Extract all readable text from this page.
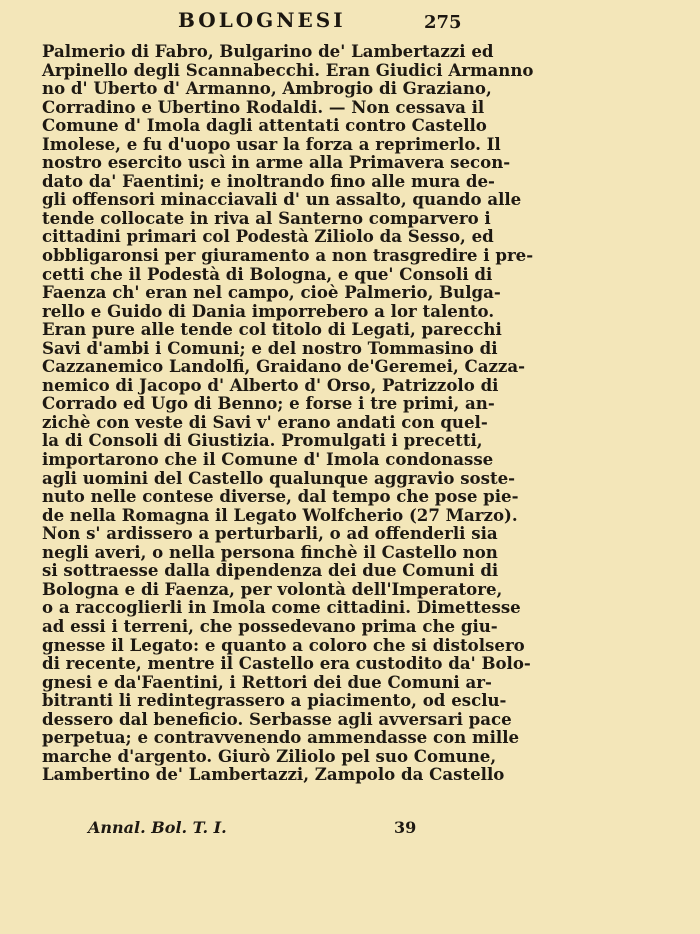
BOLOGNESI	275
Palmerio di Fabro, Bulgarino de' Lambertazzi ed
Arpinello degli Scannabecchi. Eran Giudici Armanno
no d' Uberto d' Armanno, Ambrogio di Graziano,
Corradino e Ubertino Rodaldi. — Non cessava il
Comune d' Imola dagli attentati contro Castello
Imolese, e fu d'uopo usar la forza a reprimerlo. Il
nostro esercito uscì in arme alla Primavera secon-
dato da' Faentini; e inoltrando fino alle mura de-
gli offensori minacciavali d' un assalto, quando alle
tende collocate in riva al Santerno comparvero i
cittadini primari col Podestà Ziliolo da Sesso, ed
obbligaronsi per giuramento a non trasgredire i pre-
cetti che il Podestà di Bologna, e que' Consoli di
Faenza ch' eran nel campo, cioè Palmerio, Bulga-
rello e Guido di Dania imporrebero a lor talento.
Eran pure alle tende col titolo di Legati, parecchi
Savi d'ambi i Comuni; e del nostro Tommasino di
Cazzanemico Landolfi, Graidano de'Geremei, Cazza-
nemico di Jacopo d' Alberto d' Orso, Patrizzolo di
Corrado ed Ugo di Benno; e forse i tre primi, an-
zichè con veste di Savi v' erano andati con quel-
la di Consoli di Giustizia. Promulgati i precetti,
importarono che il Comune d' Imola condonasse
agli uomini del Castello qualunque aggravio soste-
nuto nelle contese diverse, dal tempo che pose pie-
de nella Romagna il Legato Wolfcherio (27 Marzo).
Non s' ardissero a perturbarli, o ad offenderli sia
negli averi, o nella persona finchè il Castello non
si sottraesse dalla dipendenza dei due Comuni di
Bologna e di Faenza, per volontà dell'Imperatore,
o a raccoglierli in Imola come cittadini. Dimettesse
ad essi i terreni, che possedevano prima che giu-
gnesse il Legato: e quanto a coloro che si distolsero
di recente, mentre il Castello era custodito da' Bolo-
gnesi e da'Faentini, i Rettori dei due Comuni ar-
bitranti li redintegrassero a piacimento, od esclu-
dessero dal beneficio. Serbasse agli avversari pace
perpetua; e contravvenendo ammendasse con mille
marche d'argento. Giurò Ziliolo pel suo Comune,
Lambertino de' Lambertazzi, Zampolo da Castello
Annal. Bol. T. I.	39
